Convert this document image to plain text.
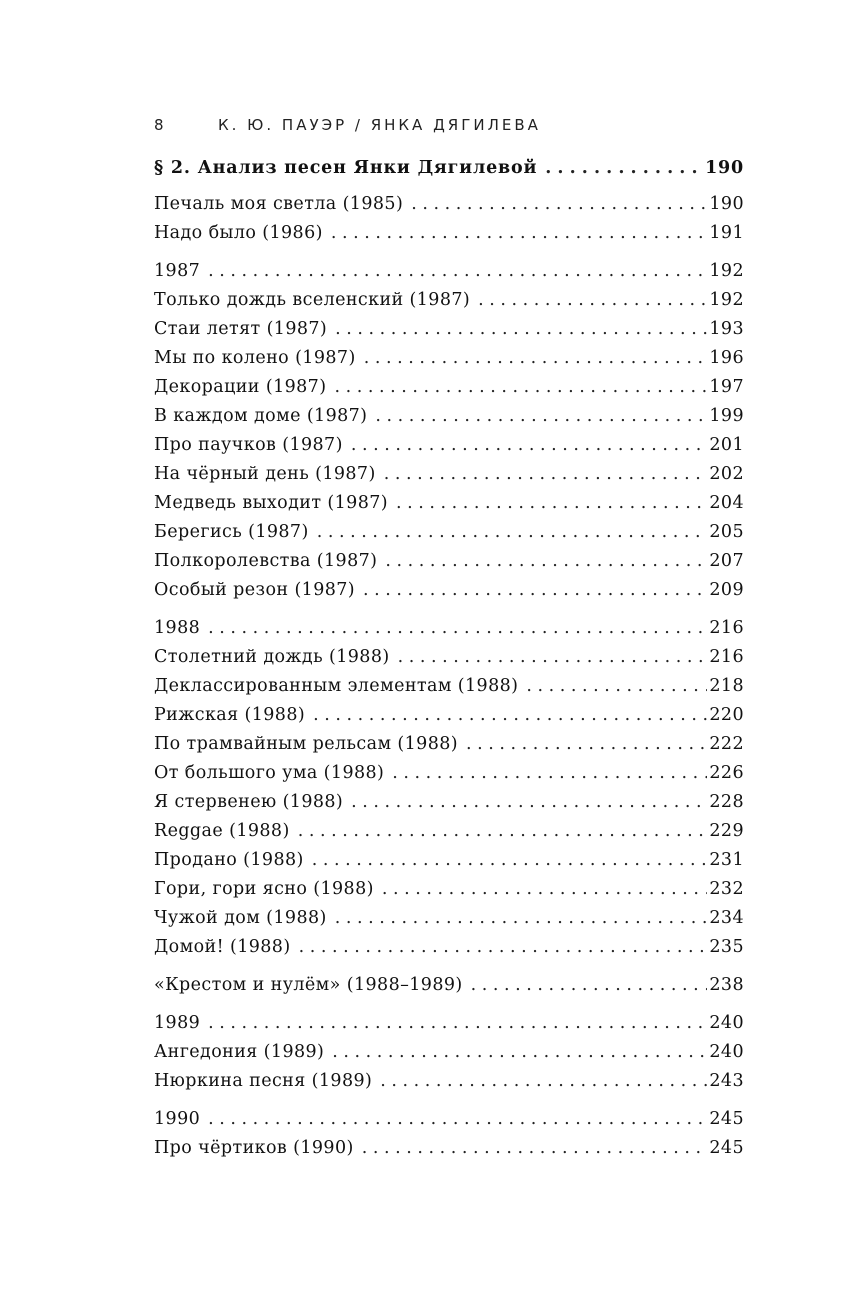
8	К. Ю. ПАУЭР / ЯНКА ДЯГИЛЕВА
§ 2. Анализ песен Янки Дягилевой . . .	190
Печаль моя светла (1985) . . .	190
Надо было (1986) . . .	191
1987 . . .	192
Только дождь вселенский (1987) . . .	192
Стаи летят (1987) . . .	193
Мы по колено (1987) . . .	196
Декорации (1987) . . .	197
В каждом доме (1987) . . .	199
Про паучков (1987) . . .	201
На чёрный день (1987) . . .	202
Медведь выходит (1987) . . .	204
Берегись (1987) . . .	205
Полкоролевства (1987) . . .	207
Особый резон (1987) . . .	209
1988 . . .	216
Столетний дождь (1988) . . .	216
Деклассированным элементам (1988) . . .	218
Рижская (1988) . . .	220
По трамвайным рельсам (1988) . . .	222
От большого ума (1988) . . .	226
Я стервенею (1988) . . .	228
Reggae (1988) . . .	229
Продано (1988) . . .	231
Гори, гори ясно (1988) . . .	232
Чужой дом (1988) . . .	234
Домой! (1988) . . .	235
«Крестом и нулём» (1988–1989) . . .	238
1989 . . .	240
Ангедония (1989) . . .	240
Нюркина песня (1989) . . .	243
1990 . . .	245
Про чёртиков (1990) . . .	245
